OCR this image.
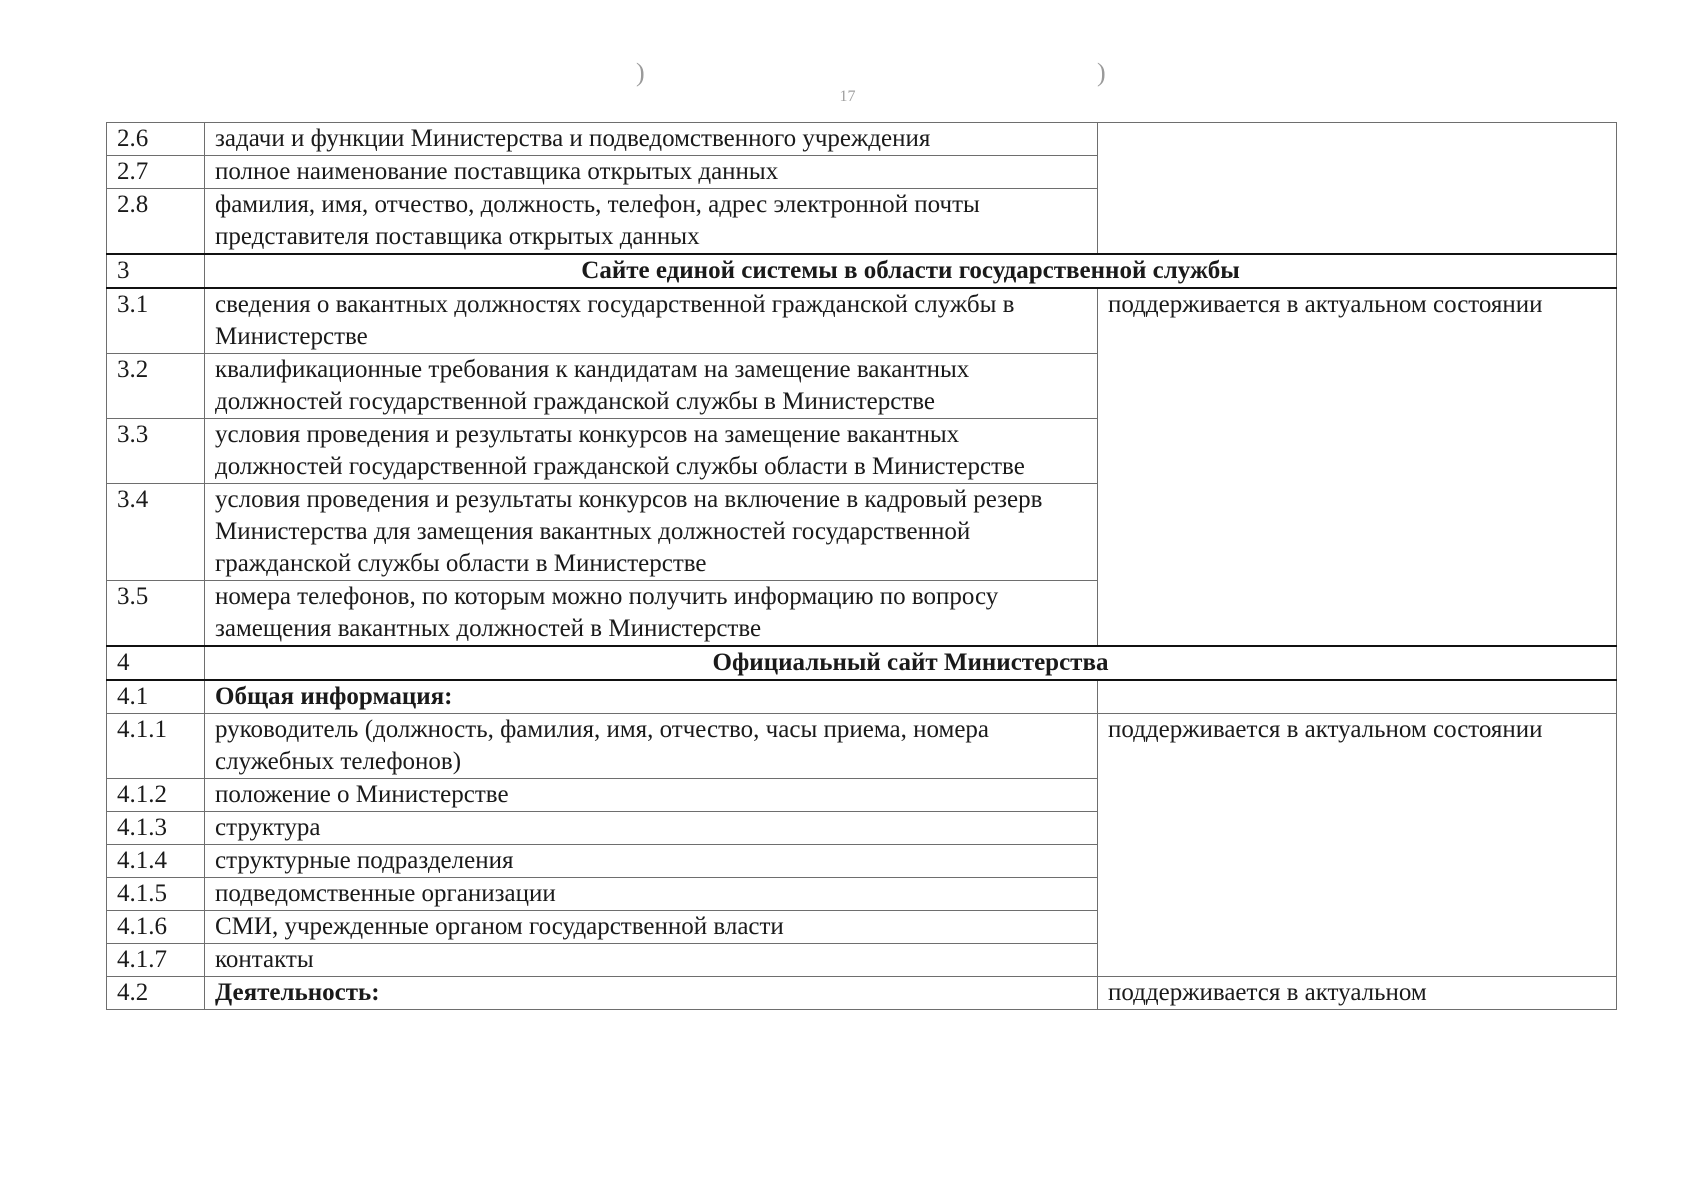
)	)
17
2.6	задачи и функции Министерства и подведомственного учреждения	
2.7	полное наименование поставщика открытых данных	
2.8	фамилия, имя, отчество, должность, телефон, адрес электронной почты представителя поставщика открытых данных	
3	Сайте единой системы в области государственной службы	
3.1	сведения о вакантных должностях государственной гражданской службы в Министерстве	поддерживается в актуальном состоянии
3.2	квалификационные требования к кандидатам на замещение вакантных должностей государственной гражданской службы в Министерстве	
3.3	условия проведения и результаты конкурсов на замещение вакантных должностей государственной гражданской службы области в Министерстве	
3.4	условия проведения и результаты конкурсов на включение в кадровый резерв Министерства для замещения вакантных должностей государственной гражданской службы области в Министерстве	
3.5	номера телефонов, по которым можно получить информацию по вопросу замещения вакантных должностей в Министерстве	
4	Официальный сайт Министерства	
4.1	Общая информация:	
4.1.1	руководитель (должность, фамилия, имя, отчество, часы приема, номера служебных телефонов)	поддерживается в актуальном состоянии
4.1.2	положение о Министерстве	
4.1.3	структура	
4.1.4	структурные подразделения	
4.1.5	подведомственные организации	
4.1.6	СМИ, учрежденные органом государственной власти	
4.1.7	контакты	
4.2	Деятельность:	поддерживается в актуальном
